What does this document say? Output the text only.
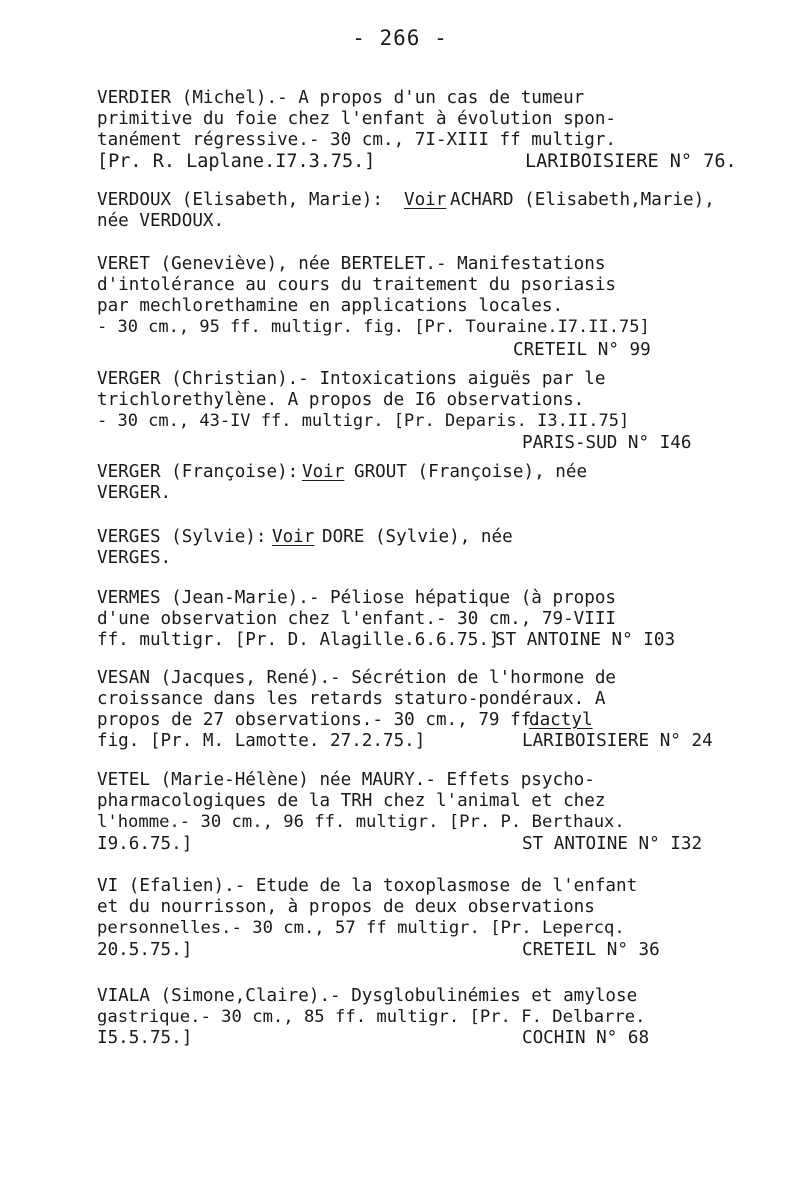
- 266 -
VERDIER (Michel).- A propos d'un cas de tumeur
primitive du foie chez l'enfant à évolution spon-
tanément régressive.- 30 cm., 7I-XIII ff multigr.
[Pr. R. Laplane.I7.3.75.]	LARIBOISIERE N° 76.
VERDOUX (Elisabeth, Marie): Voir ACHARD (Elisabeth,Marie),
née VERDOUX.
VERET (Geneviève), née BERTELET.- Manifestations
d'intolérance au cours du traitement du psoriasis
par mechlorethamine en applications locales.
- 30 cm., 95 ff. multigr. fig. [Pr. Touraine.I7.II.75]
CRETEIL N° 99
VERGER (Christian).- Intoxications aiguës par le
trichlorethylène. A propos de I6 observations.
- 30 cm., 43-IV ff. multigr. [Pr. Deparis. I3.II.75]
PARIS-SUD N° I46
VERGER (Françoise): Voir GROUT (Françoise), née
VERGER.
VERGES (Sylvie): Voir DORE (Sylvie), née
VERGES.
VERMES (Jean-Marie).- Péliose hépatique (à propos
d'une observation chez l'enfant.- 30 cm., 79-VIII
ff. multigr. [Pr. D. Alagille.6.6.75.]
ST ANTOINE N° I03
VESAN (Jacques, René).- Sécrétion de l'hormone de
croissance dans les retards staturo-pondéraux. A
propos de 27 observations.- 30 cm., 79 ff.
dactyl
fig. [Pr. M. Lamotte. 27.2.75.]	LARIBOISIERE N° 24
VETEL (Marie-Hélène) née MAURY.- Effets psycho-
pharmacologiques de la TRH chez l'animal et chez
l'homme.- 30 cm., 96 ff. multigr. [Pr. P. Berthaux.
I9.6.75.]	ST ANTOINE N° I32
VI (Efalien).- Etude de la toxoplasmose de l'enfant
et du nourrisson, à propos de deux observations
personnelles.- 30 cm., 57 ff multigr. [Pr. Lepercq.
20.5.75.]	CRETEIL N° 36
VIALA (Simone,Claire).- Dysglobulinémies et amylose
gastrique.- 30 cm., 85 ff. multigr. [Pr. F. Delbarre.
I5.5.75.]	COCHIN N° 68
